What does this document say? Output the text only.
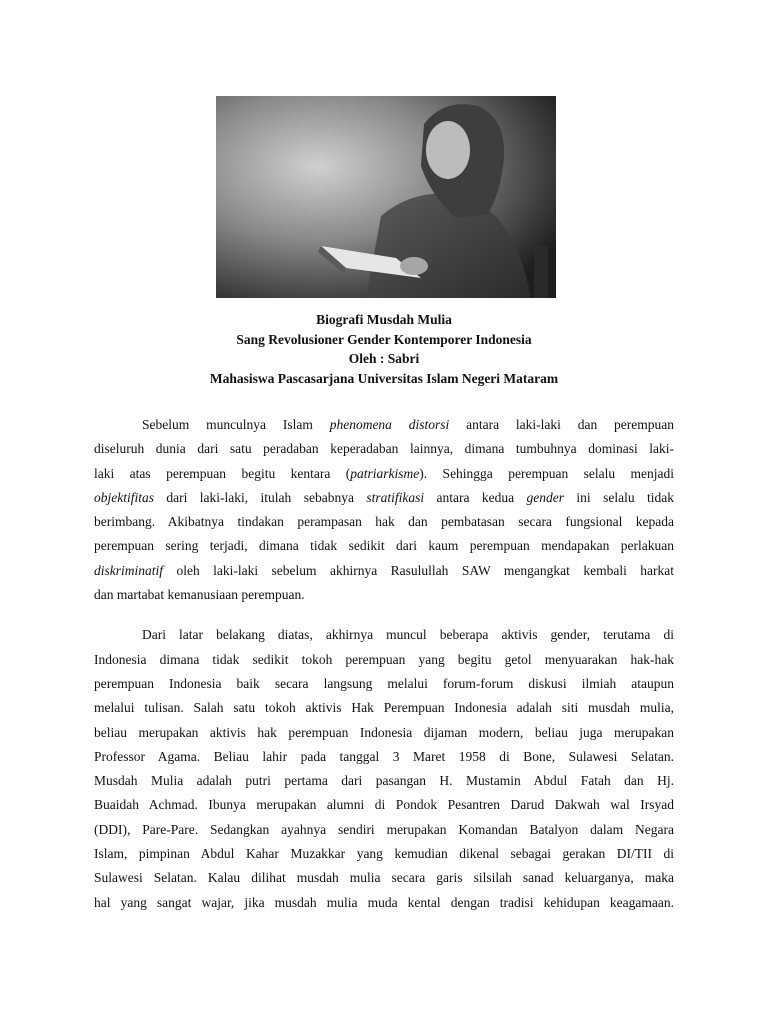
Biografi Musdah Mulia
Sang Revolusioner Gender Kontemporer Indonesia
Oleh : Sabri
Mahasiswa Pascasarjana Universitas Islam Negeri Mataram
Sebelum munculnya Islam phenomena distorsi antara laki-laki dan perempuan
diseluruh dunia dari satu peradaban keperadaban lainnya, dimana tumbuhnya dominasi laki-
laki atas perempuan begitu kentara (patriarkisme). Sehingga perempuan selalu menjadi
objektifitas dari laki-laki, itulah sebabnya stratifikasi antara kedua gender ini selalu tidak
berimbang. Akibatnya tindakan perampasan hak dan pembatasan secara fungsional kepada
perempuan sering terjadi, dimana tidak sedikit dari kaum perempuan mendapakan perlakuan
diskriminatif oleh laki-laki sebelum akhirnya Rasulullah SAW mengangkat kembali harkat
dan martabat kemanusiaan perempuan.
Dari latar belakang diatas, akhirnya muncul beberapa aktivis gender, terutama di
Indonesia dimana tidak sedikit tokoh perempuan yang begitu getol menyuarakan hak-hak
perempuan Indonesia baik secara langsung melalui forum-forum diskusi ilmiah ataupun
melalui tulisan. Salah satu tokoh aktivis Hak Perempuan Indonesia adalah siti musdah mulia,
beliau merupakan aktivis hak perempuan Indonesia dijaman modern, beliau juga merupakan
Professor Agama. Beliau lahir pada tanggal 3 Maret 1958 di Bone, Sulawesi Selatan.
Musdah Mulia adalah putri pertama dari pasangan H. Mustamin Abdul Fatah dan Hj.
Buaidah Achmad. Ibunya merupakan alumni di Pondok Pesantren Darud Dakwah wal Irsyad
(DDI), Pare-Pare. Sedangkan ayahnya sendiri merupakan Komandan Batalyon dalam Negara
Islam, pimpinan Abdul Kahar Muzakkar yang kemudian dikenal sebagai gerakan DI/TII di
Sulawesi Selatan. Kalau dilihat musdah mulia secara garis silsilah sanad keluarganya, maka
hal yang sangat wajar, jika musdah mulia muda kental dengan tradisi kehidupan keagamaan.
